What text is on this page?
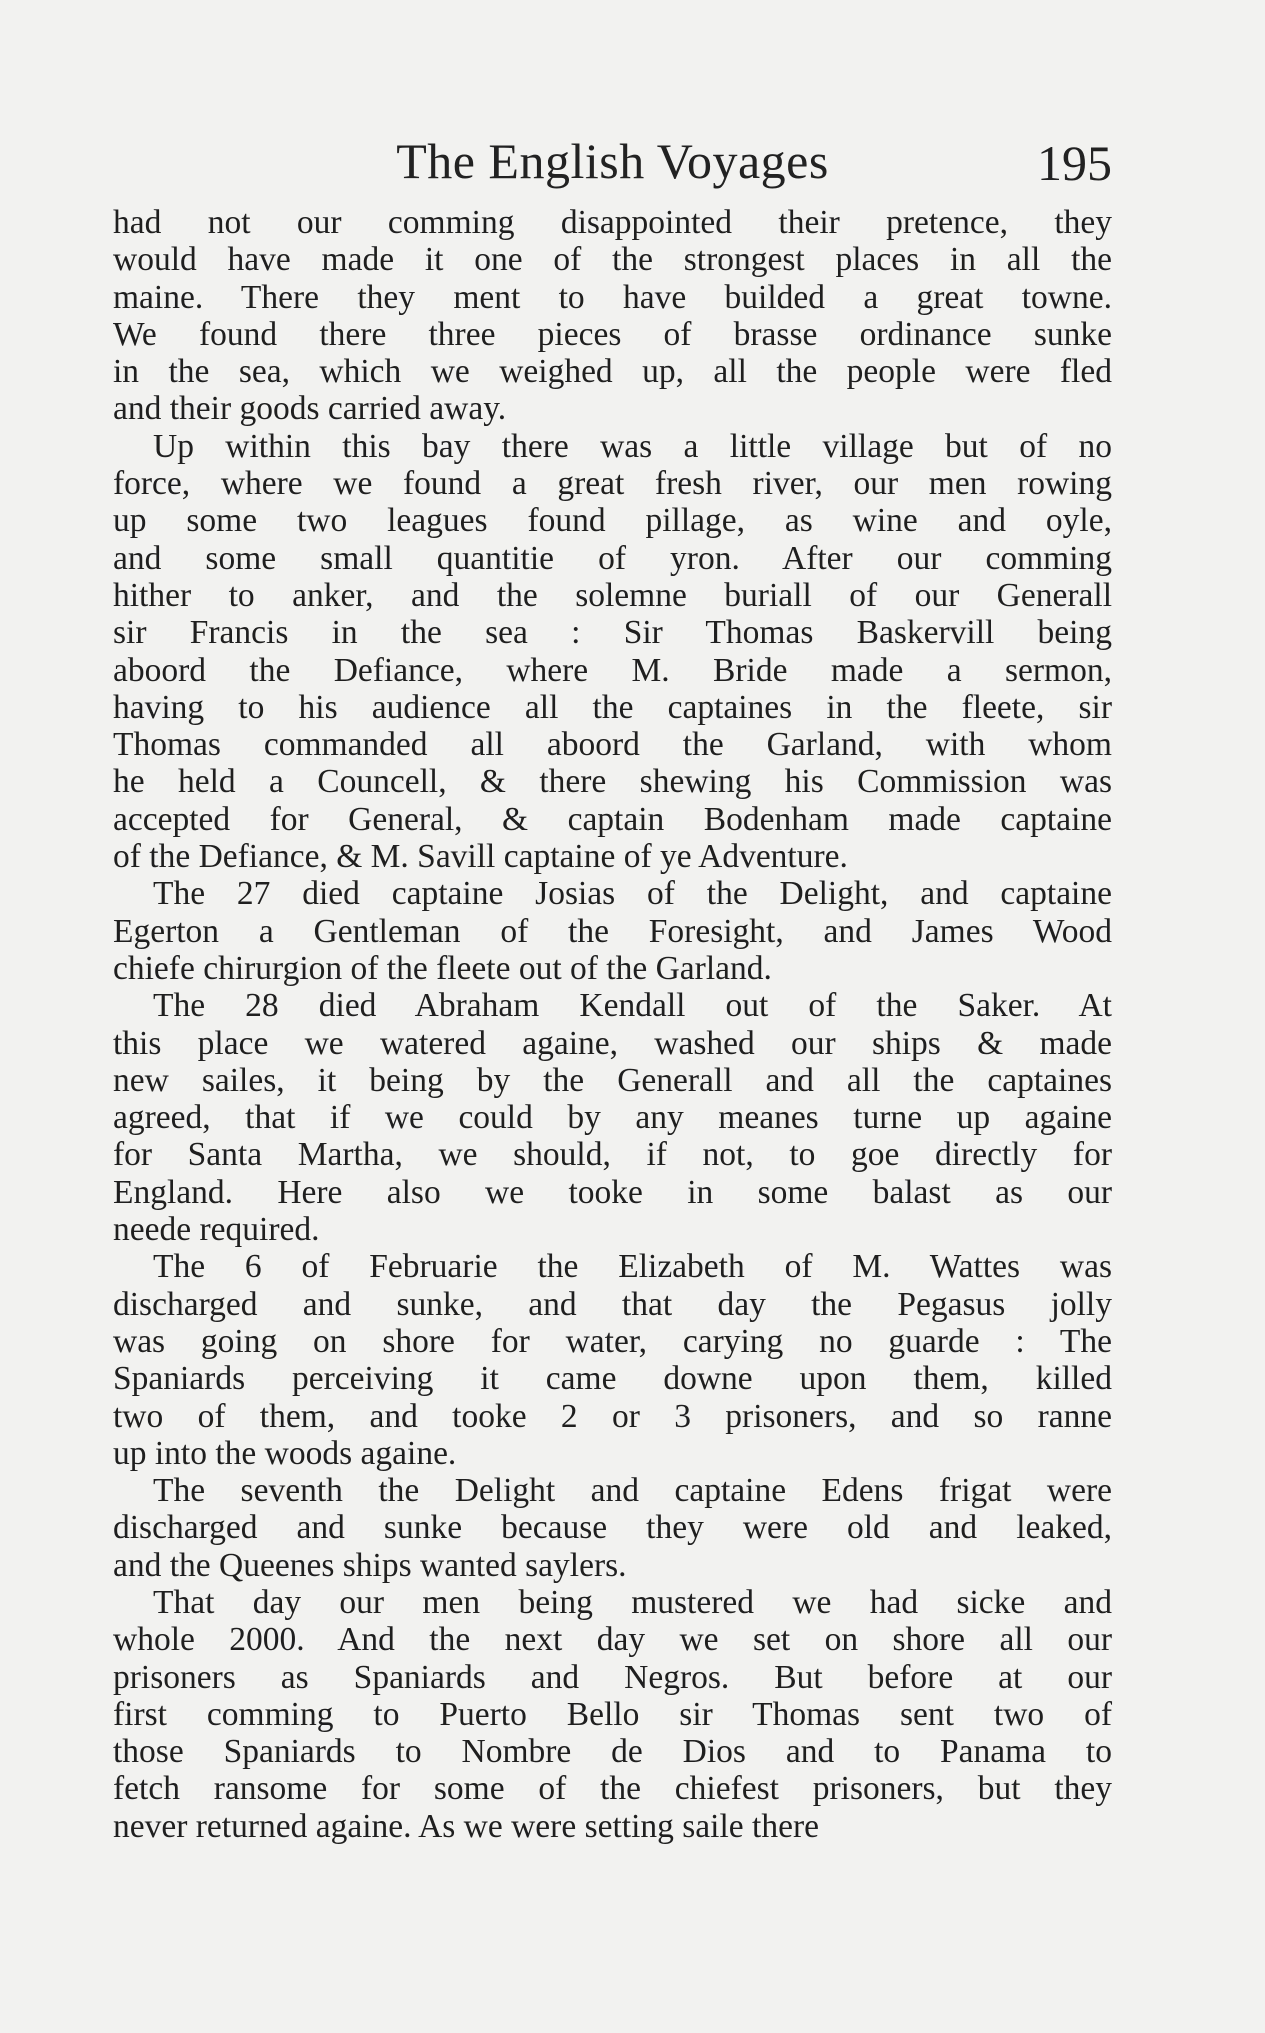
The English Voyages	195

had not our comming disappointed their pretence, they
would have made it one of the strongest places in all the
maine. There they ment to have builded a great towne.
We found there three pieces of brasse ordinance sunke
in the sea, which we weighed up, all the people were fled
and their goods carried away.

Up within this bay there was a little village but of no
force, where we found a great fresh river, our men rowing
up some two leagues found pillage, as wine and oyle,
and some small quantitie of yron. After our comming
hither to anker, and the solemne buriall of our Generall
sir Francis in the sea : Sir Thomas Baskervill being
aboord the Defiance, where M. Bride made a sermon,
having to his audience all the captaines in the fleete, sir
Thomas commanded all aboord the Garland, with whom
he held a Councell, & there shewing his Commission was
accepted for General, & captain Bodenham made captaine
of the Defiance, & M. Savill captaine of ye Adventure.

The 27 died captaine Josias of the Delight, and captaine
Egerton a Gentleman of the Foresight, and James Wood
chiefe chirurgion of the fleete out of the Garland.

The 28 died Abraham Kendall out of the Saker. At
this place we watered againe, washed our ships & made
new sailes, it being by the Generall and all the captaines
agreed, that if we could by any meanes turne up againe
for Santa Martha, we should, if not, to goe directly for
England. Here also we tooke in some balast as our
neede required.

The 6 of Februarie the Elizabeth of M. Wattes was
discharged and sunke, and that day the Pegasus jolly
was going on shore for water, carying no guarde : The
Spaniards perceiving it came downe upon them, killed
two of them, and tooke 2 or 3 prisoners, and so ranne
up into the woods againe.

The seventh the Delight and captaine Edens frigat were
discharged and sunke because they were old and leaked,
and the Queenes ships wanted saylers.

That day our men being mustered we had sicke and
whole 2000. And the next day we set on shore all our
prisoners as Spaniards and Negros. But before at our
first comming to Puerto Bello sir Thomas sent two of
those Spaniards to Nombre de Dios and to Panama to
fetch ransome for some of the chiefest prisoners, but they
never returned againe. As we were setting saile there
